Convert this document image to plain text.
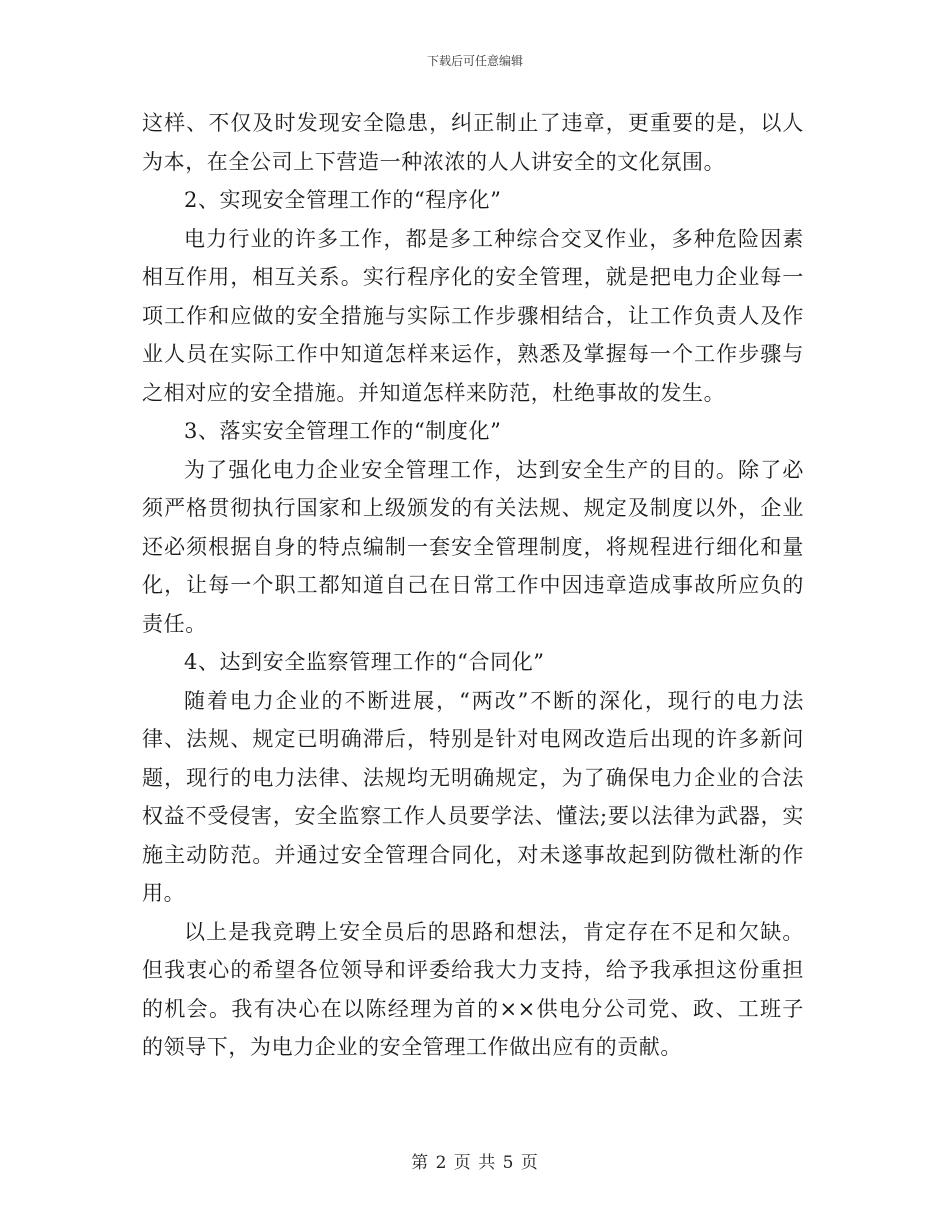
下载后可任意编辑

这样、不仅及时发现安全隐患，纠正制止了违章，更重要的是，以人为本，在全公司上下营造一种浓浓的人人讲安全的文化氛围。

2、实现安全管理工作的“程序化”

电力行业的许多工作，都是多工种综合交叉作业，多种危险因素相互作用，相互关系。实行程序化的安全管理，就是把电力企业每一项工作和应做的安全措施与实际工作步骤相结合，让工作负责人及作业人员在实际工作中知道怎样来运作，熟悉及掌握每一个工作步骤与之相对应的安全措施。并知道怎样来防范，杜绝事故的发生。

3、落实安全管理工作的“制度化”

为了强化电力企业安全管理工作，达到安全生产的目的。除了必须严格贯彻执行国家和上级颁发的有关法规、规定及制度以外，企业还必须根据自身的特点编制一套安全管理制度，将规程进行细化和量化，让每一个职工都知道自己在日常工作中因违章造成事故所应负的责任。

4、达到安全监察管理工作的“合同化”

随着电力企业的不断进展，“两改”不断的深化，现行的电力法律、法规、规定已明确滞后，特别是针对电网改造后出现的许多新问题，现行的电力法律、法规均无明确规定，为了确保电力企业的合法权益不受侵害，安全监察工作人员要学法、懂法;要以法律为武器，实施主动防范。并通过安全管理合同化，对未遂事故起到防微杜渐的作用。

以上是我竞聘上安全员后的思路和想法，肯定存在不足和欠缺。但我衷心的希望各位领导和评委给我大力支持，给予我承担这份重担的机会。我有决心在以陈经理为首的××供电分公司党、政、工班子的领导下，为电力企业的安全管理工作做出应有的贡献。

第 2 页 共 5 页
